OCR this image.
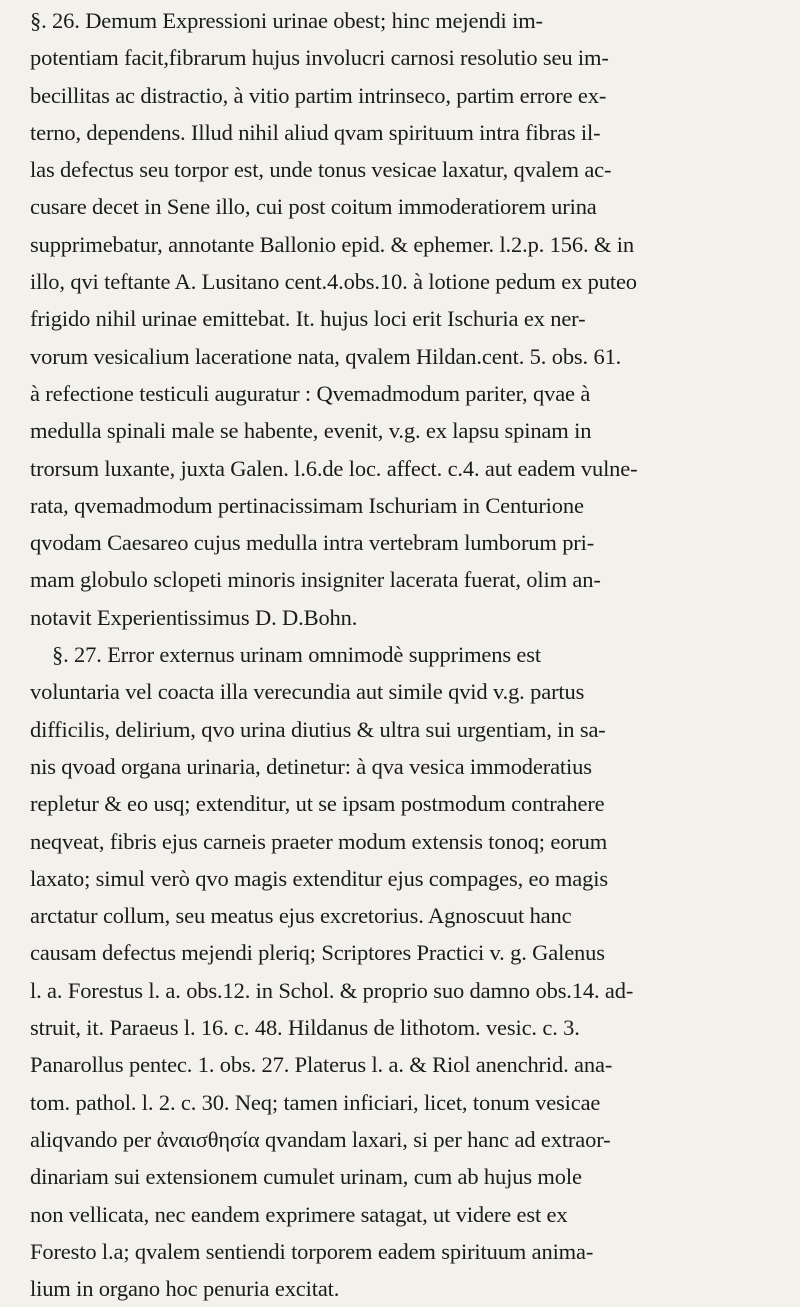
§. 26. Demum Expressioni urinae obest; hinc mejendi im-
potentiam facit,fibrarum hujus involucri carnosi resolutio seu im-
becillitas ac distractio, à vitio partim intrinseco, partim errore ex-
terno, dependens. Illud nihil aliud qvam spirituum intra fibras il-
las defectus seu torpor est, unde tonus vesicae laxatur, qvalem ac-
cusare decet in Sene illo, cui post coitum immoderatiorem urina
supprimebatur, annotante Ballonio epid. & ephemer. l.2.p. 156. & in
illo, qvi teftante A. Lusitano cent.4.obs.10. à lotione pedum ex puteo
frigido nihil urinae emittebat. It. hujus loci erit Ischuria ex ner-
vorum vesicalium laceratione nata, qvalem Hildan.cent. 5. obs. 61.
à refectione testiculi auguratur : Qvemadmodum pariter, qvae à
medulla spinali male se habente, evenit, v.g. ex lapsu spinam in
trorsum luxante, juxta Galen. l.6.de loc. affect. c.4. aut eadem vulne-
rata, qvemadmodum pertinacissimam Ischuriam in Centurione
qvodam Caesareo cujus medulla intra vertebram lumborum pri-
mam globulo sclopeti minoris insigniter lacerata fuerat, olim an-
notavit Experientissimus D. D.Bohn.
§. 27. Error externus urinam omnimodè supprimens est
voluntaria vel coacta illa verecundia aut simile qvid v.g. partus
difficilis, delirium, qvo urina diutius & ultra sui urgentiam, in sa-
nis qvoad organa urinaria, detinetur: à qva vesica immoderatius
repletur & eo usq; extenditur, ut se ipsam postmodum contrahere
neqveat, fibris ejus carneis praeter modum extensis tonoq; eorum
laxato; simul verò qvo magis extenditur ejus compages, eo magis
arctatur collum, seu meatus ejus excretorius. Agnoscuut hanc
causam defectus mejendi pleriq; Scriptores Practici v. g. Galenus
l. a. Forestus l. a. obs.12. in Schol. & proprio suo damno obs.14. ad-
struit, it. Paraeus l. 16. c. 48. Hildanus de lithotom. vesic. c. 3.
Panarollus pentec. 1. obs. 27. Platerus l. a. & Riol anenchrid. ana-
tom. pathol. l. 2. c. 30. Neq; tamen inficiari, licet, tonum vesicae
aliqvando per ἀναισθησία qvandam laxari, si per hanc ad extraor-
dinariam sui extensionem cumulet urinam, cum ab hujus mole
non vellicata, nec eandem exprimere satagat, ut videre est ex
Foresto l.a; qvalem sentiendi torporem eadem spirituum anima-
lium in organo hoc penuria excitat.
